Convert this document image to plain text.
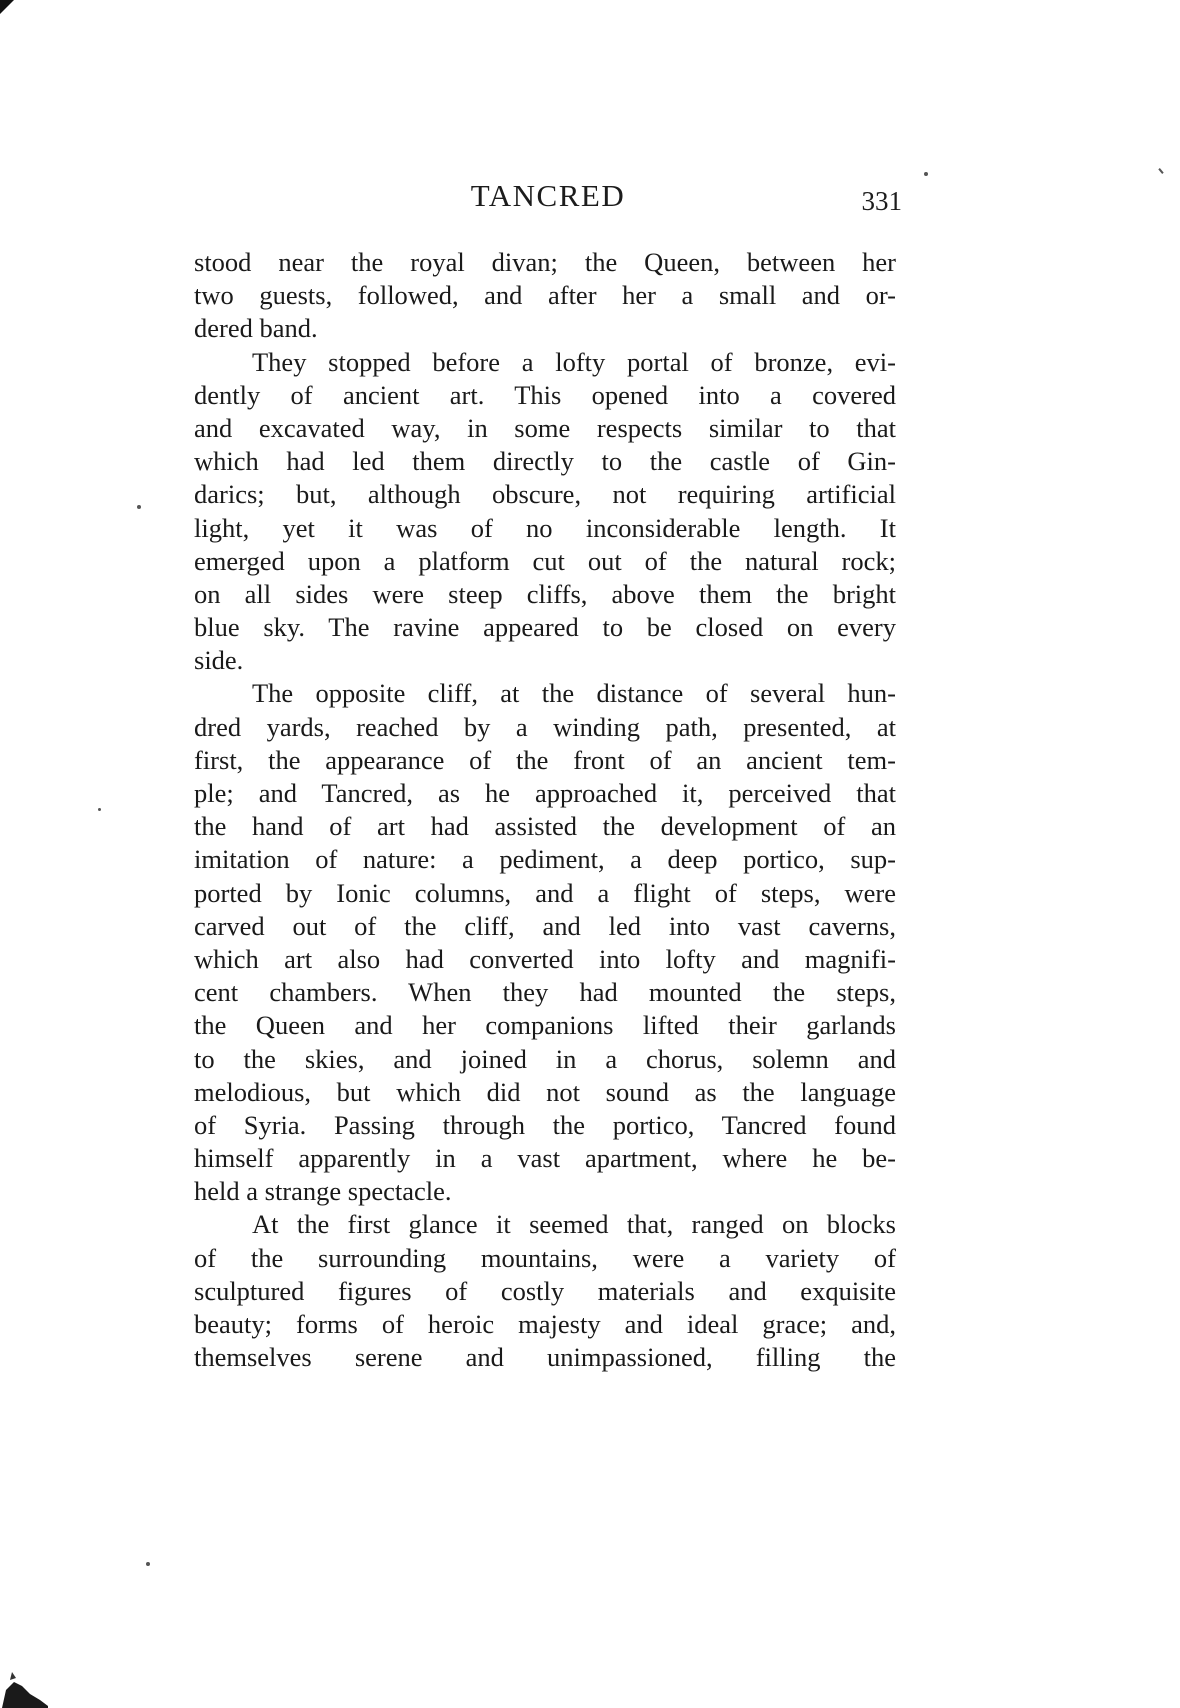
TANCRED	331
stood near the royal divan; the Queen, between her
two guests, followed, and after her a small and or-
dered band.
They stopped before a lofty portal of bronze, evi-
dently of ancient art. This opened into a covered
and excavated way, in some respects similar to that
which had led them directly to the castle of Gin-
darics; but, although obscure, not requiring artificial
light, yet it was of no inconsiderable length. It
emerged upon a platform cut out of the natural rock;
on all sides were steep cliffs, above them the bright
blue sky. The ravine appeared to be closed on every
side.
The opposite cliff, at the distance of several hun-
dred yards, reached by a winding path, presented, at
first, the appearance of the front of an ancient tem-
ple; and Tancred, as he approached it, perceived that
the hand of art had assisted the development of an
imitation of nature: a pediment, a deep portico, sup-
ported by Ionic columns, and a flight of steps, were
carved out of the cliff, and led into vast caverns,
which art also had converted into lofty and magnifi-
cent chambers. When they had mounted the steps,
the Queen and her companions lifted their garlands
to the skies, and joined in a chorus, solemn and
melodious, but which did not sound as the language
of Syria. Passing through the portico, Tancred found
himself apparently in a vast apartment, where he be-
held a strange spectacle.
At the first glance it seemed that, ranged on blocks
of the surrounding mountains, were a variety of
sculptured figures of costly materials and exquisite
beauty; forms of heroic majesty and ideal grace; and,
themselves serene and unimpassioned, filling the
